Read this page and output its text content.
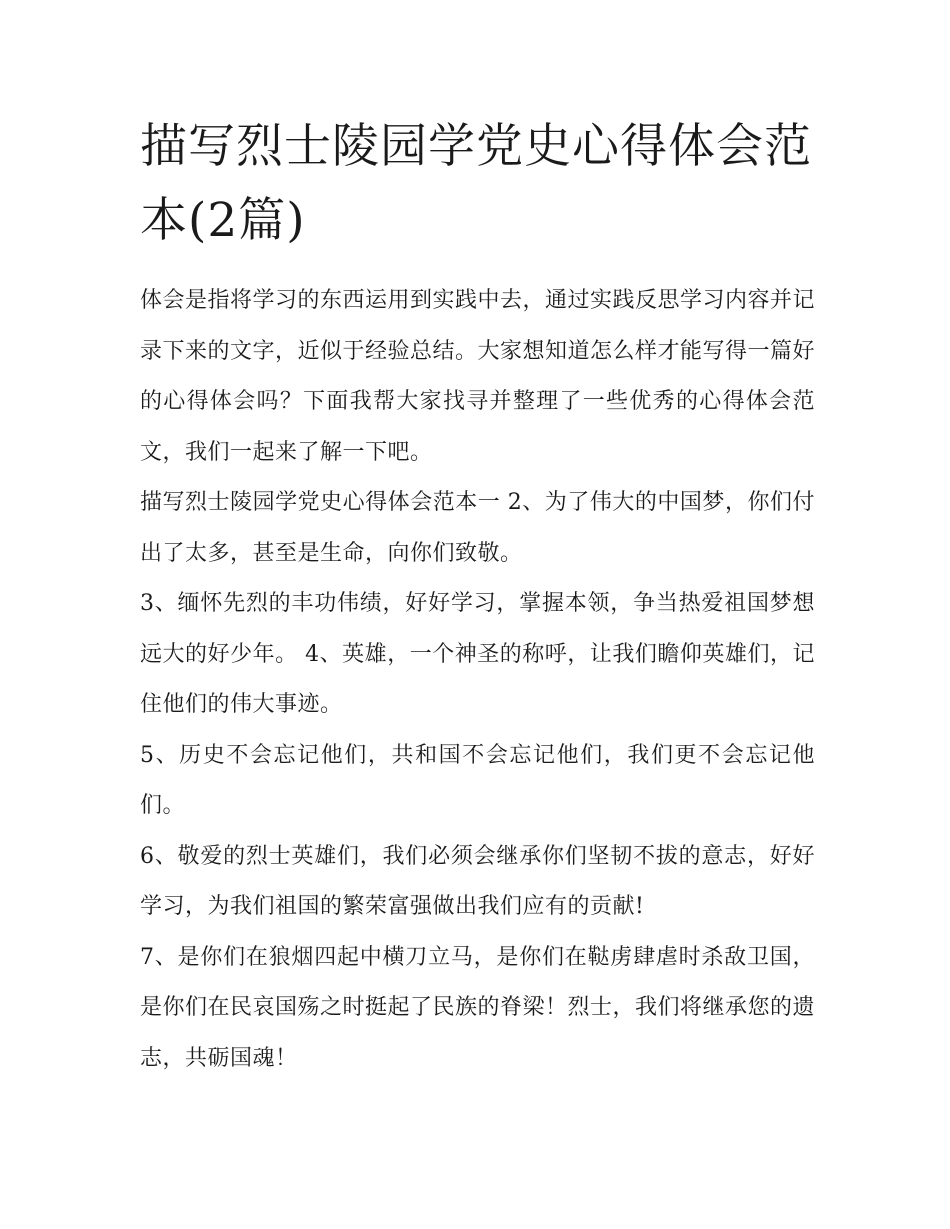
描写烈士陵园学党史心得体会范本(2篇)

体会是指将学习的东西运用到实践中去，通过实践反思学习内容并记录下来的文字，近似于经验总结。大家想知道怎么样才能写得一篇好的心得体会吗？下面我帮大家找寻并整理了一些优秀的心得体会范文，我们一起来了解一下吧。

描写烈士陵园学党史心得体会范本一 2、为了伟大的中国梦，你们付出了太多，甚至是生命，向你们致敬。

3、缅怀先烈的丰功伟绩，好好学习，掌握本领，争当热爱祖国梦想远大的好少年。 4、英雄，一个神圣的称呼，让我们瞻仰英雄们，记住他们的伟大事迹。

5、历史不会忘记他们，共和国不会忘记他们，我们更不会忘记他们。

6、敬爱的烈士英雄们，我们必须会继承你们坚韧不拔的意志，好好学习，为我们祖国的繁荣富强做出我们应有的贡献!

7、是你们在狼烟四起中横刀立马，是你们在鞑虏肆虐时杀敌卫国，是你们在民哀国殇之时挺起了民族的脊梁！烈士，我们将继承您的遗志，共砺国魂！
